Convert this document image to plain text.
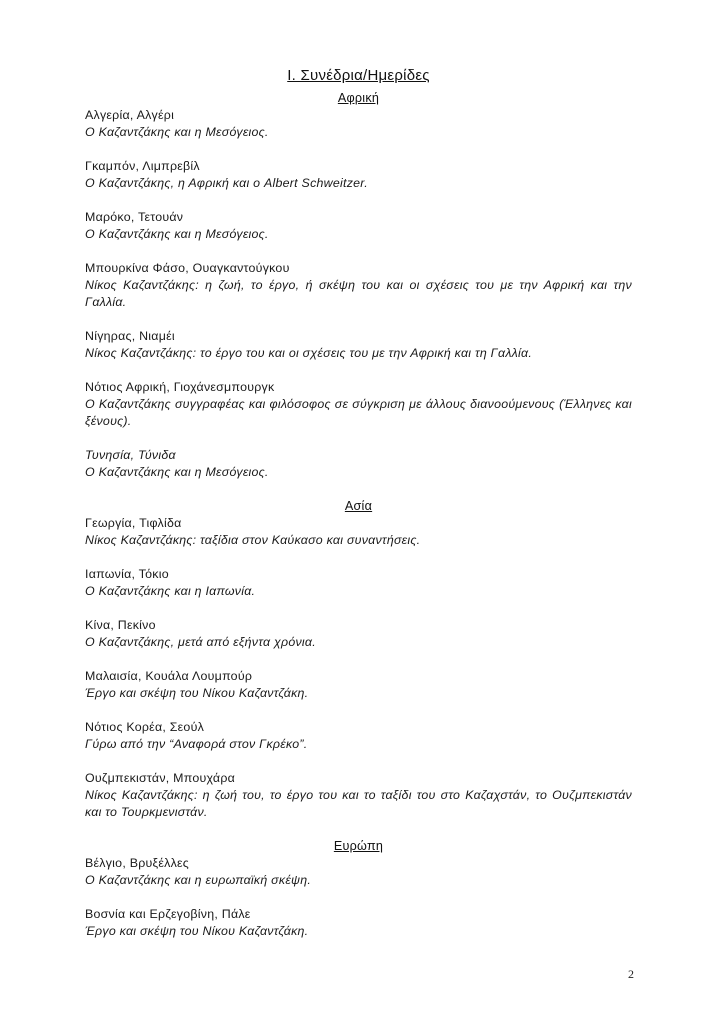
I. Συνέδρια/Ημερίδες
Αφρική
Αλγερία, Αλγέρι
Ο Καζαντζάκης και η Μεσόγειος.
Γκαμπόν, Λιμπρεβίλ
Ο Καζαντζάκης, η Αφρική και ο Albert Schweitzer.
Μαρόκο, Τετουάν
Ο Καζαντζάκης και η Μεσόγειος.
Μπουρκίνα Φάσο, Ουαγκαντούγκου
Νίκος Καζαντζάκης: η ζωή, το έργο, ή σκέψη του και οι σχέσεις του με την Αφρική και την Γαλλία.
Νίγηρας, Νιαμέι
Νίκος Καζαντζάκης: το έργο του και οι σχέσεις του με την Αφρική και τη Γαλλία.
Νότιος Αφρική, Γιοχάνεσμπουργκ
Ο Καζαντζάκης συγγραφέας και φιλόσοφος σε σύγκριση με άλλους διανοούμενους (Έλληνες και ξένους).
Τυνησία, Τύνιδα
Ο Καζαντζάκης και η Μεσόγειος.
Ασία
Γεωργία, Τιφλίδα
Νίκος Καζαντζάκης: ταξίδια στον Καύκασο και συναντήσεις.
Ιαπωνία, Τόκιο
Ο Καζαντζάκης και η Ιαπωνία.
Κίνα, Πεκίνο
Ο Καζαντζάκης, μετά από εξήντα χρόνια.
Μαλαισία, Κουάλα Λουμπούρ
Έργο και σκέψη του Νίκου Καζαντζάκη.
Νότιος Κορέα, Σεούλ
Γύρω από την “Αναφορά στον Γκρέκο”.
Ουζμπεκιστάν, Μπουχάρα
Νίκος Καζαντζάκης: η ζωή του, το έργο του και το ταξίδι του στο Καζαχστάν, το Ουζμπεκιστάν και το Τουρκμενιστάν.
Ευρώπη
Βέλγιο, Βρυξέλλες
Ο Καζαντζάκης και η ευρωπαϊκή σκέψη.
Βοσνία και Ερζεγοβίνη, Πάλε
Έργο και σκέψη του Νίκου Καζαντζάκη.
2
